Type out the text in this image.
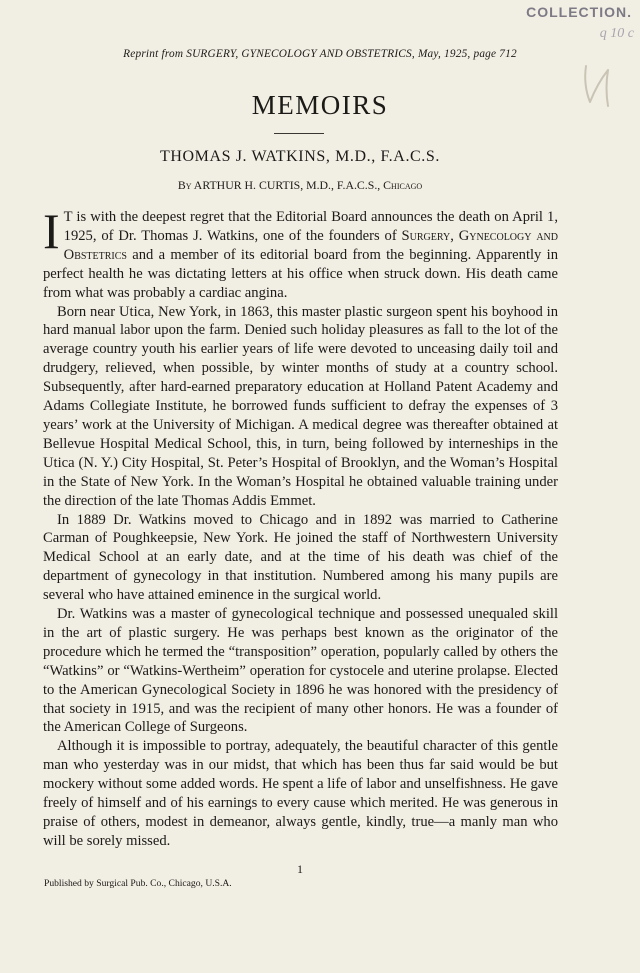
COLLECTION.
q 10 c
Reprint from SURGERY, GYNECOLOGY AND OBSTETRICS, May, 1925, page 712
MEMOIRS
THOMAS J. WATKINS, M.D., F.A.C.S.
By ARTHUR H. CURTIS, M.D., F.A.C.S., Chicago

I T is with the deepest regret that the Editorial Board announces the death on April 1, 1925, of Dr. Thomas J. Watkins, one of the founders of Surgery, Gynecology and Obstetrics and a member of its editorial board from the beginning. Apparently in perfect health he was dictating letters at his office when struck down. His death came from what was probably a cardiac angina.

Born near Utica, New York, in 1863, this master plastic surgeon spent his boyhood in hard manual labor upon the farm. Denied such holiday pleasures as fall to the lot of the average country youth his earlier years of life were devoted to unceasing daily toil and drudgery, relieved, when possible, by winter months of study at a country school. Subsequently, after hard-earned preparatory education at Holland Patent Academy and Adams Collegiate Institute, he borrowed funds sufficient to defray the expenses of 3 years’ work at the University of Michigan. A medical degree was thereafter obtained at Bellevue Hospital Medical School, this, in turn, being followed by interneships in the Utica (N. Y.) City Hospital, St. Peter’s Hospital of Brooklyn, and the Woman’s Hospital in the State of New York. In the Woman’s Hospital he obtained valuable training under the direction of the late Thomas Addis Emmet.

In 1889 Dr. Watkins moved to Chicago and in 1892 was married to Catherine Carman of Poughkeepsie, New York. He joined the staff of Northwestern University Medical School at an early date, and at the time of his death was chief of the department of gynecology in that institution. Numbered among his many pupils are several who have attained eminence in the surgical world.

Dr. Watkins was a master of gynecological technique and possessed unequaled skill in the art of plastic surgery. He was perhaps best known as the originator of the procedure which he termed the “transposition” operation, popularly called by others the “Watkins” or “Watkins-Wertheim” operation for cystocele and uterine prolapse. Elected to the American Gynecological Society in 1896 he was honored with the presidency of that society in 1915, and was the recipient of many other honors. He was a founder of the American College of Surgeons.

Although it is impossible to portray, adequately, the beautiful character of this gentle man who yesterday was in our midst, that which has been thus far said would be but mockery without some added words. He spent a life of labor and unselfishness. He gave freely of himself and of his earnings to every cause which merited. He was generous in praise of others, modest in demeanor, always gentle, kindly, true—a manly man who will be sorely missed.

1
Published by Surgical Pub. Co., Chicago, U.S.A.
